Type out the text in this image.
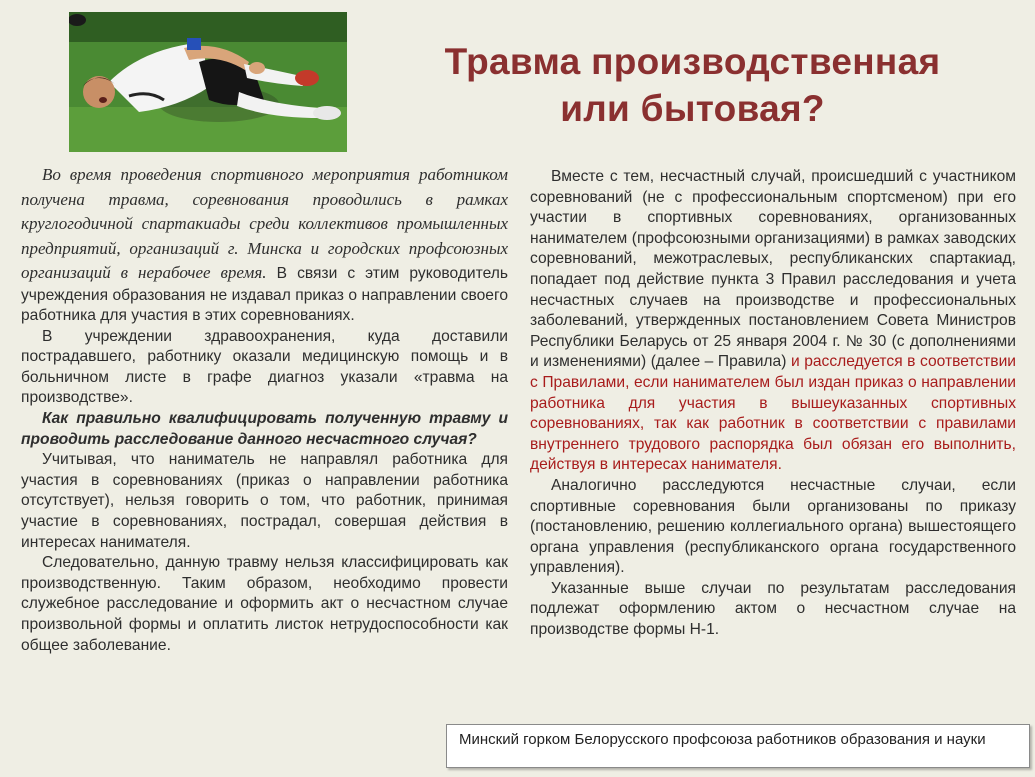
Травма производственная
или бытовая?

Во время проведения спортивного мероприятия работником получена травма, соревнования проводились в рамках круглогодичной спартакиады среди коллективов промышленных предприятий, организаций г. Минска и городских профсоюзных организаций в нерабочее время. В связи с этим руководитель учреждения образования не издавал приказ о направлении своего работника для участия в этих соревнованиях.

В учреждении здравоохранения, куда доставили пострадавшего, работнику оказали медицинскую помощь и в больничном листе в графе диагноз указали «травма на производстве».

Как правильно квалифицировать полученную травму и проводить расследование данного несчастного случая?

Учитывая, что наниматель не направлял работника для участия в соревнованиях (приказ о направлении работника отсутствует), нельзя говорить о том, что работник, принимая участие в соревнованиях, пострадал, совершая действия в интересах нанимателя.

Следовательно, данную травму нельзя классифицировать как производственную. Таким образом, необходимо провести служебное расследование и оформить акт о несчастном случае произвольной формы и оплатить листок нетрудоспособности как общее заболевание.

Вместе с тем, несчастный случай, происшедший с участником соревнований (не с профессиональным спортсменом) при его участии в спортивных соревнованиях, организованных нанимателем (профсоюзными организациями) в рамках заводских соревнований, межотраслевых, республиканских спартакиад, попадает под действие пункта 3 Правил расследования и учета несчастных случаев на производстве и профессиональных заболеваний, утвержденных постановлением Совета Министров Республики Беларусь от 25 января 2004 г. № 30 (с дополнениями и изменениями) (далее – Правила) и расследуется в соответствии с Правилами, если нанимателем был издан приказ о направлении работника для участия в вышеуказанных спортивных соревнованиях, так как работник в соответствии с правилами внутреннего трудового распорядка был обязан его выполнить, действуя в интересах нанимателя.

Аналогично расследуются несчастные случаи, если спортивные соревнования были организованы по приказу (постановлению, решению коллегиального органа) вышестоящего органа управления (республиканского органа государственного управления).

Указанные выше случаи по результатам расследования подлежат оформлению актом о несчастном случае на производстве формы Н-1.

Минский горком Белорусского профсоюза работников образования и науки
